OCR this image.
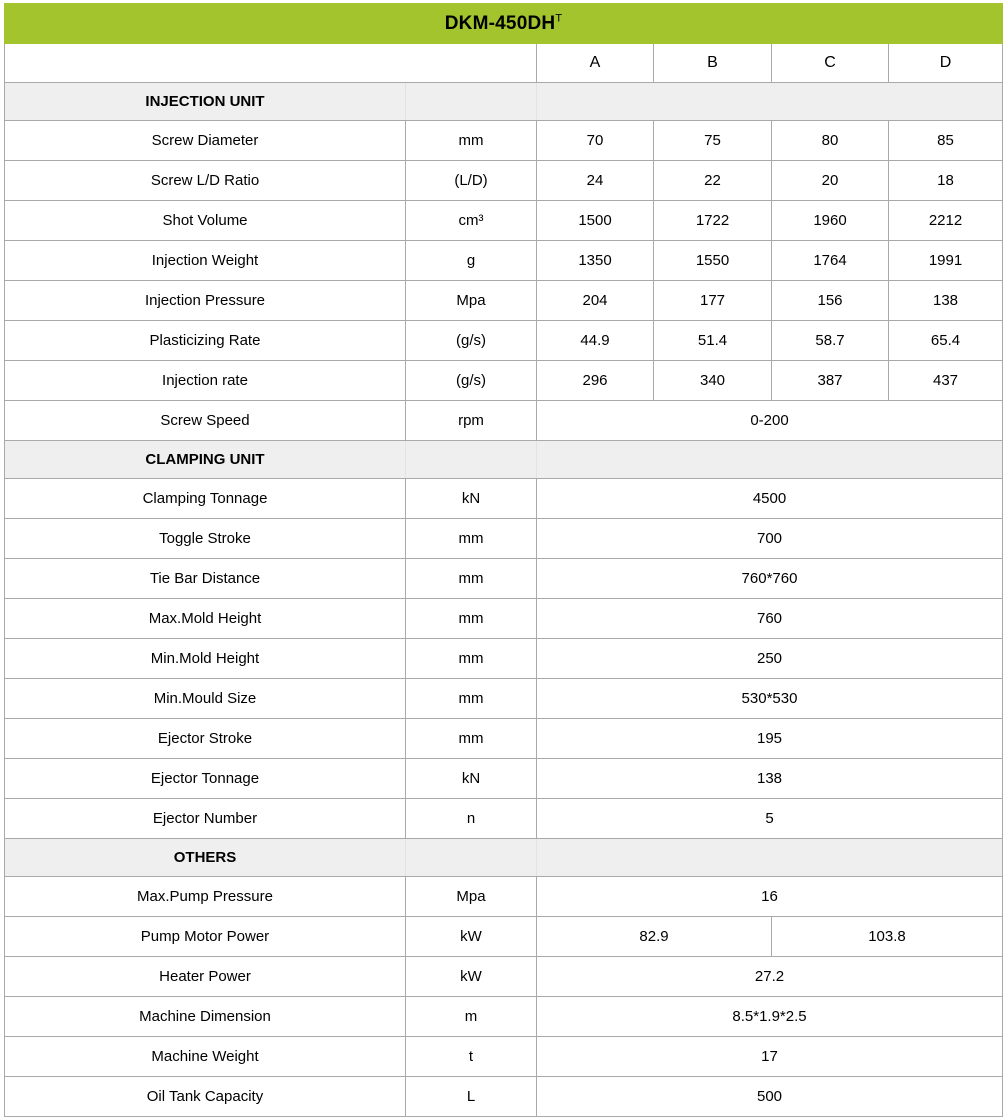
DKM-$450DH^T$
		A	B	C	D
INJECTION UNIT					
Screw Diameter	mm	70	75	80	85
Screw L/D Ratio	(L/D)	24	22	20	18
Shot Volume	cm³	1500	1722	1960	2212
Injection Weight	g	1350	1550	1764	1991
Injection Pressure	Mpa	204	177	156	138
Plasticizing Rate	(g/s)	44.9	51.4	58.7	65.4
Injection rate	(g/s)	296	340	387	437
Screw Speed	rpm	0-200			
CLAMPING UNIT					
Clamping Tonnage	kN	4500			
Toggle Stroke	mm	700			
Tie Bar Distance	mm	760*760			
Max.Mold Height	mm	760			
Min.Mold Height	mm	250			
Min.Mould Size	mm	530*530			
Ejector Stroke	mm	195			
Ejector Tonnage	kN	138			
Ejector Number	n	5			
OTHERS					
Max.Pump Pressure	Mpa	16			
Pump Motor Power	kW	82.9		103.8	
Heater Power	kW	27.2			
Machine Dimension	m	8.5*1.9*2.5			
Machine Weight	t	17			
Oil Tank Capacity	L	500			
